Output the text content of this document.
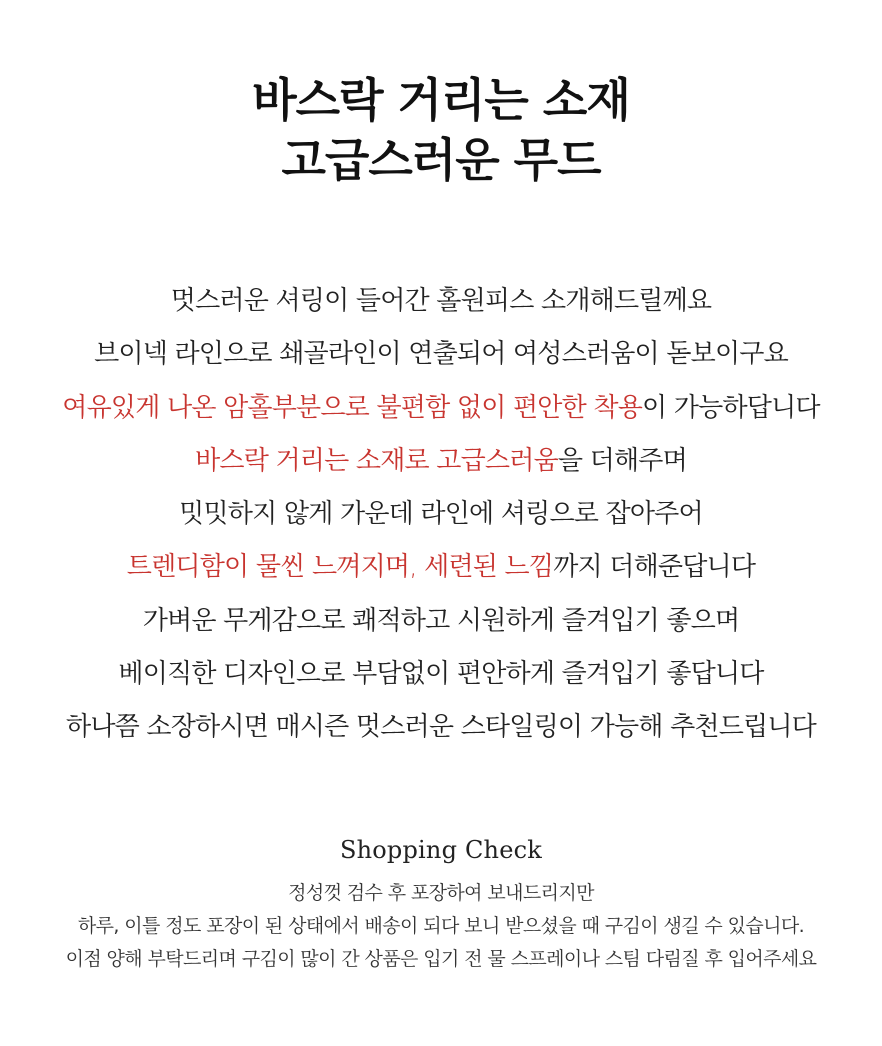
바스락 거리는 소재
고급스러운 무드
멋스러운 셔링이 들어간 홀원피스 소개해드릴께요
브이넥 라인으로 쇄골라인이 연출되어 여성스러움이 돋보이구요
여유있게 나온 암홀부분으로 불편함 없이 편안한 착용이 가능하답니다
바스락 거리는 소재로 고급스러움을 더해주며
밋밋하지 않게 가운데 라인에 셔링으로 잡아주어
트렌디함이 물씬 느껴지며, 세련된 느낌까지 더해준답니다
가벼운 무게감으로 쾌적하고 시원하게 즐겨입기 좋으며
베이직한 디자인으로 부담없이 편안하게 즐겨입기 좋답니다
하나쯤 소장하시면 매시즌 멋스러운 스타일링이 가능해 추천드립니다
Shopping Check
정성껏 검수 후 포장하여 보내드리지만
하루, 이틀 정도 포장이 된 상태에서 배송이 되다 보니 받으셨을 때 구김이 생길 수 있습니다.
이점 양해 부탁드리며 구김이 많이 간 상품은 입기 전 물 스프레이나 스팀 다림질 후 입어주세요
